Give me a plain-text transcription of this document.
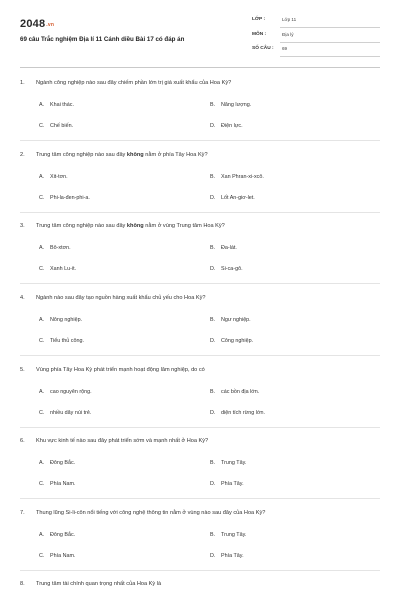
2048.vn
69 câu Trắc nghiệm Địa lí 11 Cánh diều Bài 17 có đáp án
LỚP :	Lớp 11
MÔN :	Địa lý
SỐ CÂU : 69
1. Ngành công nghiệp nào sau đây chiếm phần lớn trị giá xuất khẩu của Hoa Kỳ?
A. Khai thác.	B. Năng lượng.
C. Chế biến.	D. Điện lực.
2. Trung tâm công nghiệp nào sau đây không nằm ở phía Tây Hoa Kỳ?
A. Xit-tơn.	B. Xan Phran-xi-xcô.
C. Phi-la-đen-phi-a.	D. Lốt An-giơ-let.
3. Trung tâm công nghiệp nào sau đây không nằm ở vùng Trung tâm Hoa Kỳ?
A. Bô-xtơn.	B. Đa-lát.
C. Xanh Lu-it.	D. Si-ca-gô.
4. Ngành nào sau đây tạo nguồn hàng xuất khẩu chủ yếu cho Hoa Kỳ?
A. Nông nghiệp.	B. Ngư nghiệp.
C. Tiểu thủ công.	D. Công nghiệp.
5. Vùng phía Tây Hoa Kỳ phát triển mạnh hoạt động lâm nghiệp, do có
A. cao nguyên rộng.	B. các bồn địa lớn.
C. nhiều dãy núi trẻ.	D. diện tích rừng lớn.
6. Khu vực kinh tế nào sau đây phát triển sớm và mạnh nhất ở Hoa Kỳ?
A. Đông Bắc.	B. Trung Tây.
C. Phía Nam.	D. Phía Tây.
7. Thung lũng Si-li-côn nổi tiếng với công nghệ thông tin nằm ở vùng nào sau đây của Hoa Kỳ?
A. Đông Bắc.	B. Trung Tây.
C. Phía Nam.	D. Phía Tây.
8. Trung tâm tài chính quan trọng nhất của Hoa Kỳ là
